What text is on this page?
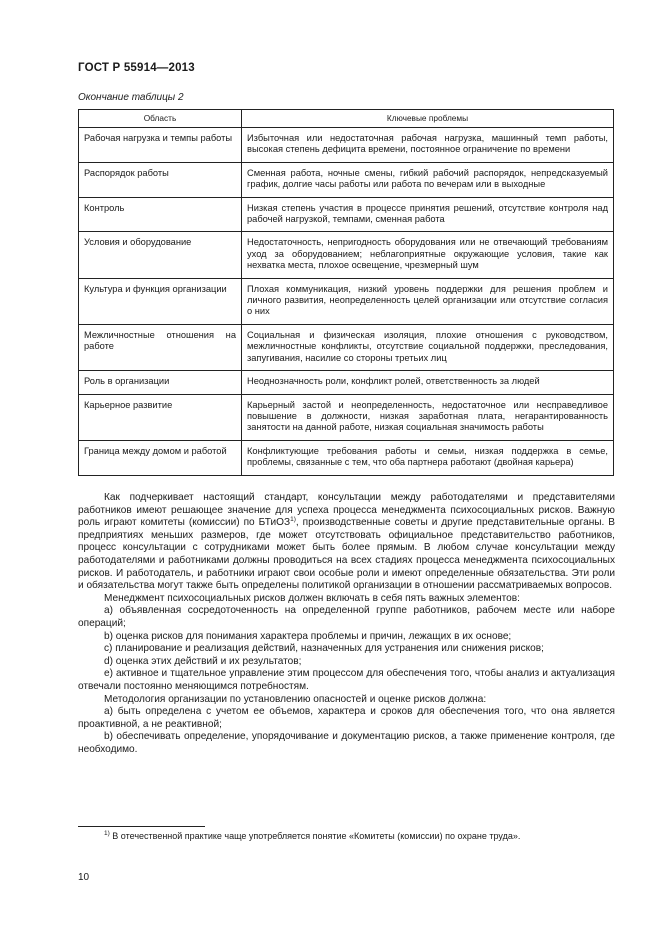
ГОСТ Р 55914—2013
Окончание таблицы 2
Область	Ключевые проблемы
Рабочая нагрузка и темпы работы	Избыточная или недостаточная рабочая нагрузка, машинный темп работы, высокая степень дефицита времени, постоянное ограничение по времени
Распорядок работы	Сменная работа, ночные смены, гибкий рабочий распорядок, непредсказуемый график, долгие часы работы или работа по вечерам или в выходные
Контроль	Низкая степень участия в процессе принятия решений, отсутствие контроля над рабочей нагрузкой, темпами, сменная работа
Условия и оборудование	Недостаточность, непригодность оборудования или не отвечающий требованиям уход за оборудованием; неблагоприятные окружающие условия, такие как нехватка места, плохое освещение, чрезмерный шум
Культура и функция организации	Плохая коммуникация, низкий уровень поддержки для решения проблем и личного развития, неопределенность целей организации или отсутствие согласия о них
Межличностные отношения на работе	Социальная и физическая изоляция, плохие отношения с руководством, межличностные конфликты, отсутствие социальной поддержки, преследования, запугивания, насилие со стороны третьих лиц
Роль в организации	Неоднозначность роли, конфликт ролей, ответственность за людей
Карьерное развитие	Карьерный застой и неопределенность, недостаточное или несправедливое повышение в должности, низкая заработная плата, негарантированность занятости на данной работе, низкая социальная значимость работы
Граница между домом и работой	Конфликтующие требования работы и семьи, низкая поддержка в семье, проблемы, связанные с тем, что оба партнера работают (двойная карьера)

Как подчеркивает настоящий стандарт, консультации между работодателями и представителями работников имеют решающее значение для успеха процесса менеджмента психосоциальных рисков. Важную роль играют комитеты (комиссии) по БТиОЗ$^{1)}$, производственные советы и другие представительные органы. В предприятиях меньших размеров, где может отсутствовать официальное представительство работников, процесс консультации с сотрудниками может быть более прямым. В любом случае консультации между работодателями и работниками должны проводиться на всех стадиях процесса менеджмента психосоциальных рисков. И работодатель, и работники играют свои особые роли и имеют определенные обязательства. Эти роли и обязательства могут также быть определены политикой организации в отношении рассматриваемых вопросов.

Менеджмент психосоциальных рисков должен включать в себя пять важных элементов:

а) объявленная сосредоточенность на определенной группе работников, рабочем месте или наборе операций;

b) оценка рисков для понимания характера проблемы и причин, лежащих в их основе;

с) планирование и реализация действий, назначенных для устранения или снижения рисков;

d) оценка этих действий и их результатов;

е) активное и тщательное управление этим процессом для обеспечения того, чтобы анализ и актуализация отвечали постоянно меняющимся потребностям.

Методология организации по установлению опасностей и оценке рисков должна:

а) быть определена с учетом ее объемов, характера и сроков для обеспечения того, что она является проактивной, а не реактивной;

b) обеспечивать определение, упорядочивание и документацию рисков, а также применение контроля, где необходимо.

$^{1)}$ В отечественной практике чаще употребляется понятие «Комитеты (комиссии) по охране труда».
10
